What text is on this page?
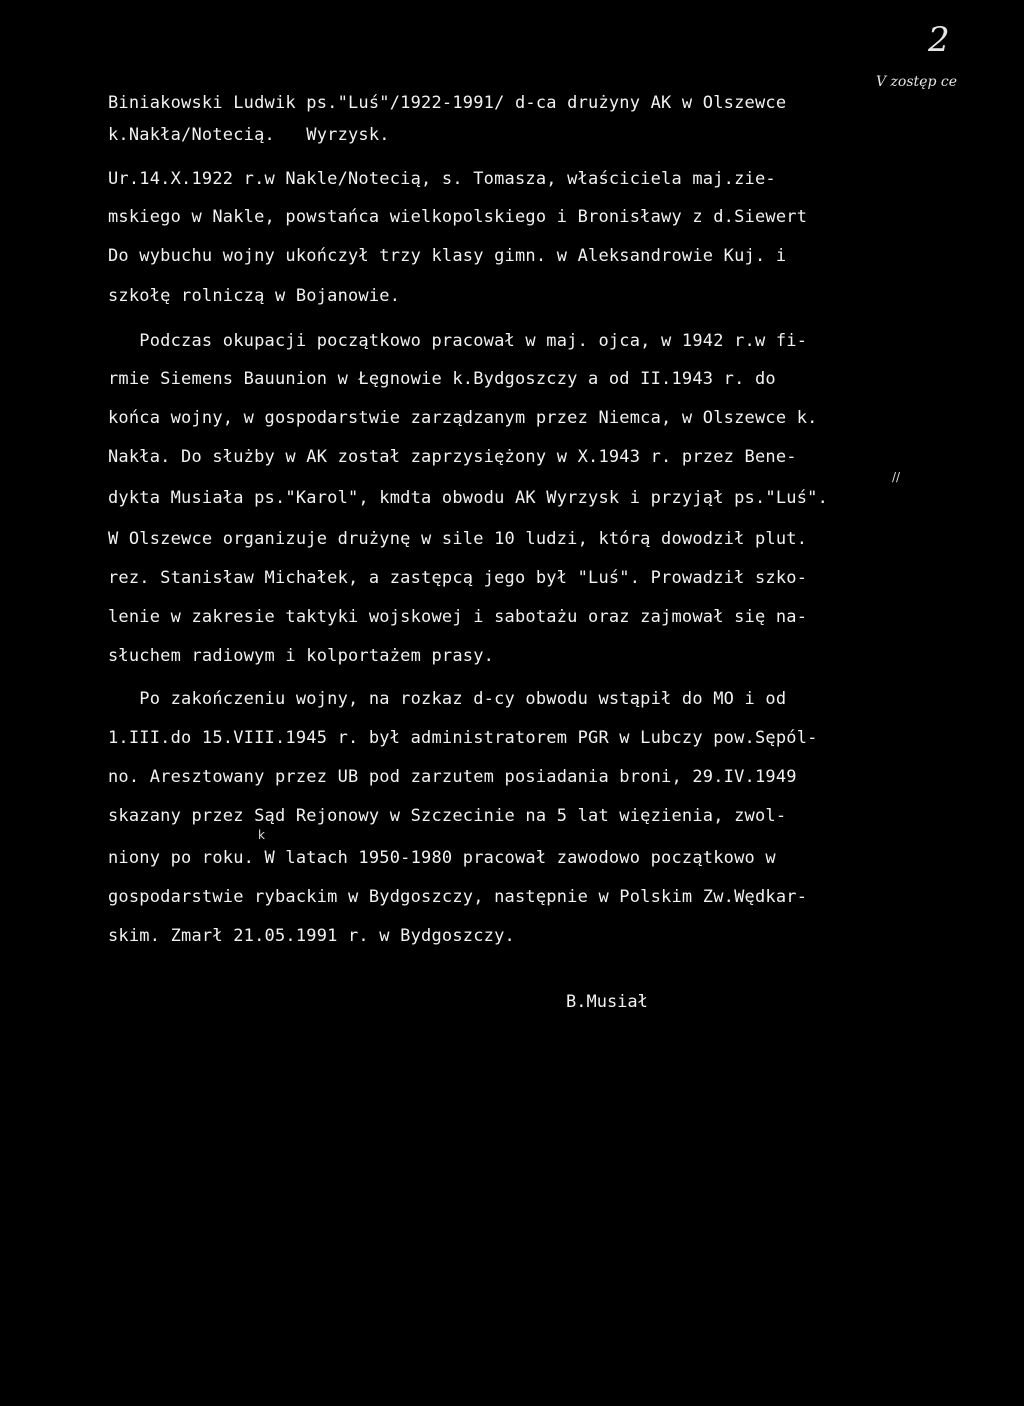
2
V zostęp ce
Biniakowski Ludwik ps."Luś"/1922-1991/ d-ca drużyny AK w Olszewce
k.Nakła/Notecią.   Wyrzysk.
Ur.14.X.1922 r.w Nakle/Notecią, s. Tomasza, właściciela maj.zie-
mskiego w Nakle, powstańca wielkopolskiego i Bronisławy z d.Siewert
Do wybuchu wojny ukończył trzy klasy gimn. w Aleksandrowie Kuj. i
szkołę rolniczą w Bojanowie.
Podczas okupacji początkowo pracował w maj. ojca, w 1942 r.w fi-
rmie Siemens Bauunion w Łęgnowie k.Bydgoszczy a od II.1943 r. do
końca wojny, w gospodarstwie zarządzanym przez Niemca, w Olszewce k.
Nakła. Do służby w AK został zaprzysiężony w X.1943 r. przez Bene-
//
dykta Musiała ps."Karol", kmdta obwodu AK Wyrzysk i przyjął ps."Luś".
W Olszewce organizuje drużynę w sile 10 ludzi, którą dowodził plut.
rez. Stanisław Michałek, a zastępcą jego był "Luś". Prowadził szko-
lenie w zakresie taktyki wojskowej i sabotażu oraz zajmował się na-
słuchem radiowym i kolportażem prasy.
Po zakończeniu wojny, na rozkaz d-cy obwodu wstąpił do MO i od
1.III.do 15.VIII.1945 r. był administratorem PGR w Lubczy pow.Sępól-
no. Aresztowany przez UB pod zarzutem posiadania broni, 29.IV.1949
skazany przez Sąd Rejonowy w Szczecinie na 5 lat więzienia, zwol-
k
niony po roku. W latach 1950-1980 pracował zawodowo początkowo w
gospodarstwie rybackim w Bydgoszczy, następnie w Polskim Zw.Wędkar-
skim. Zmarł 21.05.1991 r. w Bydgoszczy.
B.Musiał
